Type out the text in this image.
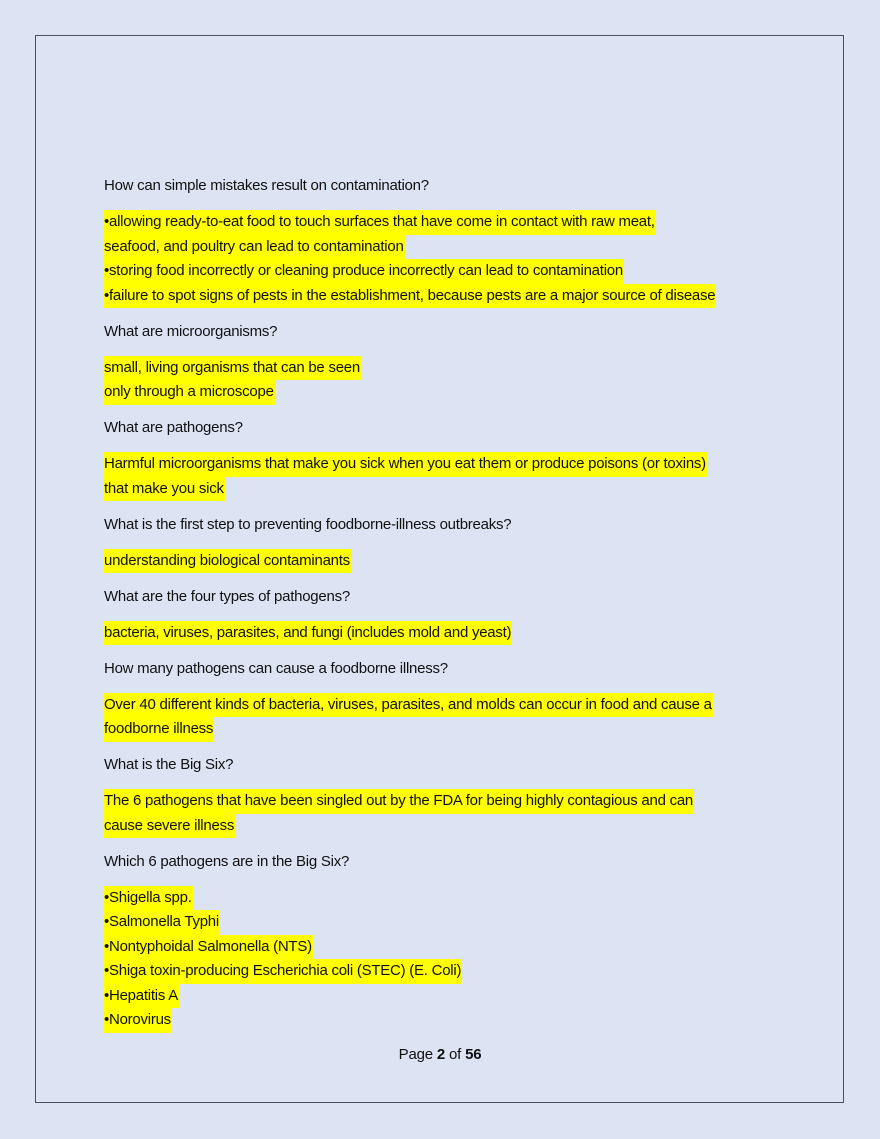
How can simple mistakes result on contamination?
•allowing ready-to-eat food to touch surfaces that have come in contact with raw meat,
seafood, and poultry can lead to contamination
•storing food incorrectly or cleaning produce incorrectly can lead to contamination
•failure to spot signs of pests in the establishment, because pests are a major source of disease
What are microorganisms?
small, living organisms that can be seen
only through a microscope
What are pathogens?
Harmful microorganisms that make you sick when you eat them or produce poisons (or toxins)
that make you sick
What is the first step to preventing foodborne-illness outbreaks?
understanding biological contaminants
What are the four types of pathogens?
bacteria, viruses, parasites, and fungi (includes mold and yeast)
How many pathogens can cause a foodborne illness?
Over 40 different kinds of bacteria, viruses, parasites, and molds can occur in food and cause a
foodborne illness
What is the Big Six?
The 6 pathogens that have been singled out by the FDA for being highly contagious and can
cause severe illness
Which 6 pathogens are in the Big Six?
•Shigella spp.
•Salmonella Typhi
•Nontyphoidal Salmonella (NTS)
•Shiga toxin-producing Escherichia coli (STEC) (E. Coli)
•Hepatitis A
•Norovirus
Page 2 of 56
